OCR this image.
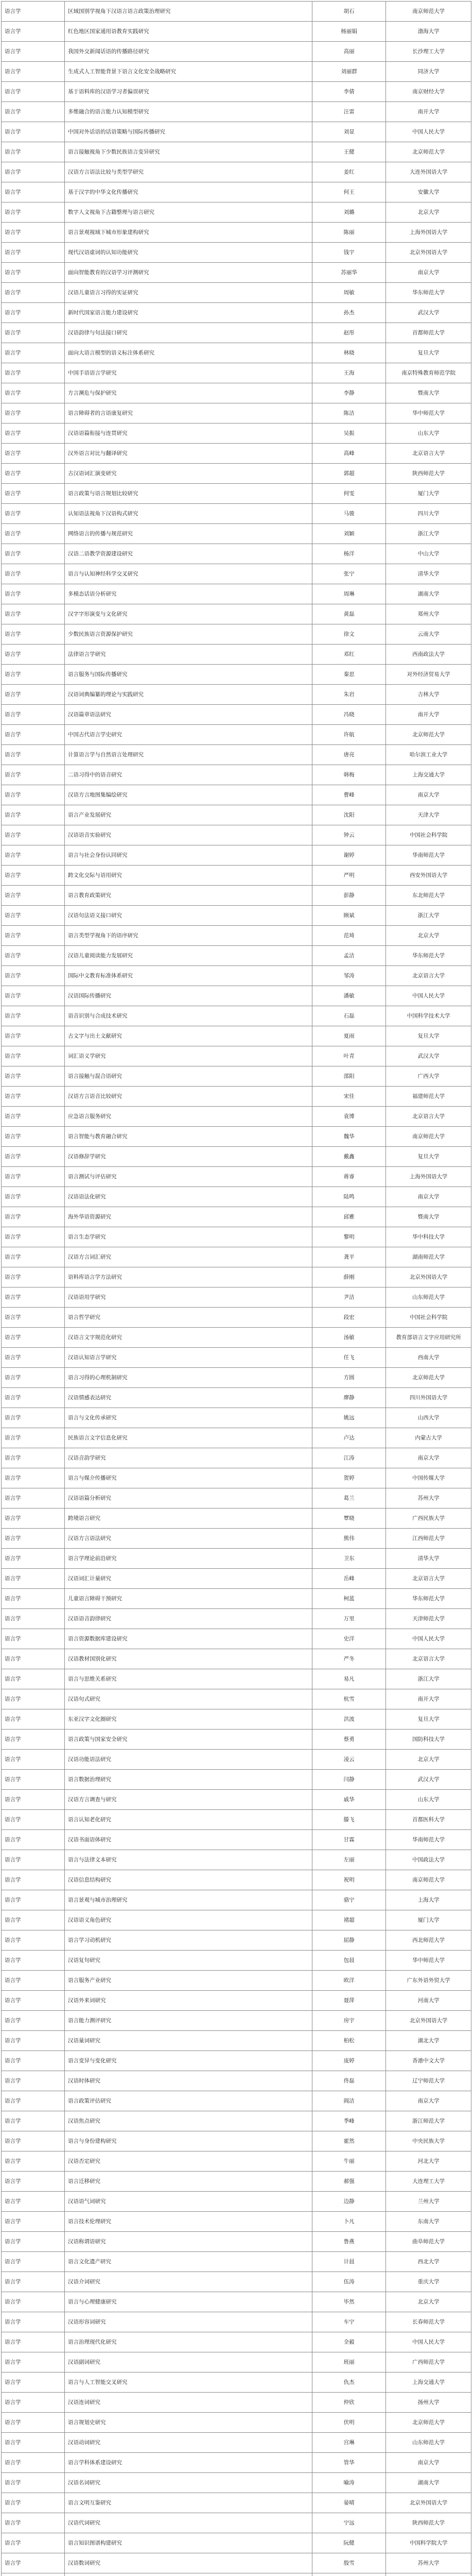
语言学	区域国别学视角下汉语言语言政策治理研究	胡石	南京师范大学
语言学	红色地区国家通用语教育实践研究	杨丽娟	渤海大学
语言学	我国外交新闻话语的传播路径研究	高丽	长沙理工大学
语言学	生成式人工智能背景下语言文化安全战略研究	刘丽群	同济大学
语言学	基于语料库的汉语学习者偏误研究	李倩	南京财经大学
语言学	多维融合的语言能力认知模型研究	汪雷	南开大学
语言学	中国对外话语的话语策略与国际传播研究	刘显	中国人民大学
语言学	语言接触视角下少数民族语言变异研究	王健	北京师范大学
语言学	汉语方言语法比较与类型学研究	姜红	大连外国语大学
语言学	基于汉字的中华文化传播研究	何王	安徽大学
语言学	数字人文视角下古籍整理与语言研究	刘璐	北京大学
语言学	语言景观视域下城市形象建构研究	陈丽	上海外国语大学
语言学	现代汉语虚词的认知功能研究	钱宇	北京外国语大学
语言学	面向智能教育的汉语学习评测研究	苏丽华	南京大学
语言学	汉语儿童语言习得的实证研究	周敏	华东师范大学
语言学	新时代国家语言能力建设研究	孙杰	武汉大学
语言学	汉语韵律与句法接口研究	赵彤	首都师范大学
语言学	面向大语言模型的语义标注体系研究	林晓	复旦大学
语言学	中国手语语言学研究	王海	南京特殊教育师范学院
语言学	方言濒危与保护研究	李静	暨南大学
语言学	语言障碍者的言语康复研究	陈洁	华中师范大学
语言学	汉语语篇衔接与连贯研究	吴振	山东大学
语言学	汉外语言对比与翻译研究	高峰	北京语言大学
语言学	古汉语词汇演变研究	郭超	陕西师范大学
语言学	语言政策与语言规划比较研究	何雯	厦门大学
语言学	认知语法视角下汉语构式研究	马骏	四川大学
语言学	网络语言的传播与规范研究	刘颖	浙江大学
语言学	汉语二语教学资源建设研究	杨洋	中山大学
语言学	语言与认知神经科学交叉研究	张宁	清华大学
语言学	多模态话语分析研究	周琳	湖南大学
语言学	汉字字形演变与文化研究	黄磊	郑州大学
语言学	少数民族语言资源保护研究	徐文	云南大学
语言学	法律语言学研究	邓红	西南政法大学
语言学	语言服务与国际传播研究	秦思	对外经济贸易大学
语言学	汉语词典编纂的理论与实践研究	朱岩	吉林大学
语言学	汉语篇章语法研究	冯晓	南开大学
语言学	中国古代语言学史研究	许航	北京师范大学
语言学	计算语言学与自然语言处理研究	唐亮	哈尔滨工业大学
语言学	二语习得中的语音研究	韩梅	上海交通大学
语言学	汉语方言地图集编绘研究	曹峰	南京大学
语言学	语言产业发展研究	沈阳	天津大学
语言学	汉语语音实验研究	钟云	中国社会科学院
语言学	语言与社会身份认同研究	谢婷	华南师范大学
语言学	跨文化交际与语用研究	严明	西安外国语大学
语言学	语言教育政策研究	彭静	东北师范大学
语言学	汉语句法语义接口研究	顾斌	浙江大学
语言学	语言类型学视角下的语序研究	范琦	北京大学
语言学	汉语儿童阅读能力发展研究	孟洁	华东师范大学
语言学	国际中文教育标准体系研究	邹涛	北京语言大学
语言学	汉语国际传播研究	潘敏	中国人民大学
语言学	语音识别与合成技术研究	石磊	中国科学技术大学
语言学	古文字与出土文献研究	夏雨	复旦大学
语言学	词汇语义学研究	叶青	武汉大学
语言学	语言接触与混合语研究	邵阳	广西大学
语言学	汉语方言语音比较研究	宋佳	福建师范大学
语言学	应急语言服务研究	袁博	北京语言大学
语言学	语言智能与教育融合研究	魏华	南京师范大学
语言学	汉语修辞学研究	戴鑫	复旦大学
语言学	语言测试与评估研究	蒋睿	上海外国语大学
语言学	汉语语法化研究	陆鸣	南京大学
语言学	海外华语资源研究	邱雅	暨南大学
语言学	语言生态学研究	黎明	华中科技大学
语言学	汉语方言词汇研究	龚平	湖南师范大学
语言学	语料库语言学方法研究	薛刚	北京外国语大学
语言学	汉语语用学研究	尹洁	山东师范大学
语言学	语言哲学研究	段宏	中国社会科学院
语言学	汉语言文字规范化研究	汤敏	教育部语言文字应用研究所
语言学	汉语认知语言学研究	任飞	西南大学
语言学	语言习得的心理机制研究	方圆	北京师范大学
语言学	汉语情感表达研究	廖静	四川外国语大学
语言学	语言与文化传承研究	姚远	山西大学
语言学	民族语言文字信息化研究	卢达	内蒙古大学
语言学	汉语音韵学研究	江涛	南京大学
语言学	语言与媒介传播研究	贺婷	中国传媒大学
语言学	汉语语篇分析研究	葛兰	苏州大学
语言学	跨境语言研究	覃晓	广西民族大学
语言学	汉语方言语法研究	熊伟	江西师范大学
语言学	语言学理论前沿研究	卫东	清华大学
语言学	汉语词汇计量研究	岳峰	北京语言大学
语言学	儿童语言障碍干预研究	柯蓝	华东师范大学
语言学	汉语语音韵律研究	万里	天津师范大学
语言学	语言资源数据库建设研究	史洋	中国人民大学
语言学	汉语教材国别化研究	严冬	北京语言大学
语言学	语言与思维关系研究	易凡	浙江大学
语言学	汉语句式研究	杭雪	南开大学
语言学	东亚汉字文化圈研究	洪波	复旦大学
语言学	语言政策与国家安全研究	蔡勇	国防科技大学
语言学	汉语功能语法研究	凌云	北京大学
语言学	语言数据治理研究	闫静	武汉大学
语言学	汉语方言调查与研究	戚华	山东大学
语言学	语言认知老化研究	滕飞	首都医科大学
语言学	汉语书面语体研究	甘霖	华南师范大学
语言学	语言与法律文本研究	左丽	中国政法大学
语言学	汉语信息结构研究	祝明	南京师范大学
语言学	语言景观与城市治理研究	骆宁	上海大学
语言学	汉语语义角色研究	褚超	厦门大学
语言学	语言学习动机研究	屈静	西北师范大学
语言学	汉语复句研究	包晨	华中师范大学
语言学	语言服务产业研究	欧洋	广东外语外贸大学
语言学	汉语外来词研究	聂萍	河南大学
语言学	语言能力测评研究	房宇	北京外国语大学
语言学	汉语量词研究	柏松	湖北大学
语言学	语言变异与变化研究	庞婷	香港中文大学
语言学	汉语时体研究	佟磊	辽宁师范大学
语言学	语言政策评估研究	阎洁	南京大学
语言学	汉语焦点研究	季峰	浙江师范大学
语言学	语言与身份建构研究	霍然	中央民族大学
语言学	汉语否定研究	牛丽	河北大学
语言学	语言迁移研究	郝强	大连理工大学
语言学	汉语语气词研究	边静	兰州大学
语言学	语言技术伦理研究	卜凡	东南大学
语言学	汉语称谓语研究	鲁燕	曲阜师范大学
语言学	语言文化遗产研究	计晨	西北大学
语言学	汉语介词研究	伍涛	重庆大学
语言学	语言与心理健康研究	毕然	北京大学
语言学	汉语形容词研究	车宁	长春师范大学
语言学	语言治理现代化研究	全毅	中国人民大学
语言学	汉语副词研究	班丽	广西师范大学
语言学	语言与人工智能交叉研究	仇杰	上海交通大学
语言学	汉语连词研究	仲欣	扬州大学
语言学	语言规划史研究	伏明	北京师范大学
语言学	汉语动词研究	宫琳	山东师范大学
语言学	语言学科体系建设研究	管华	南京大学
语言学	汉语名词研究	喻涛	湖南大学
语言学	语言文明互鉴研究	晏晴	北京外国语大学
语言学	汉语代词研究	宁远	陕西师范大学
语言学	语言知识图谱构建研究	阮健	中国科学院大学
语言学	汉语数词研究	殷雪	苏州大学
